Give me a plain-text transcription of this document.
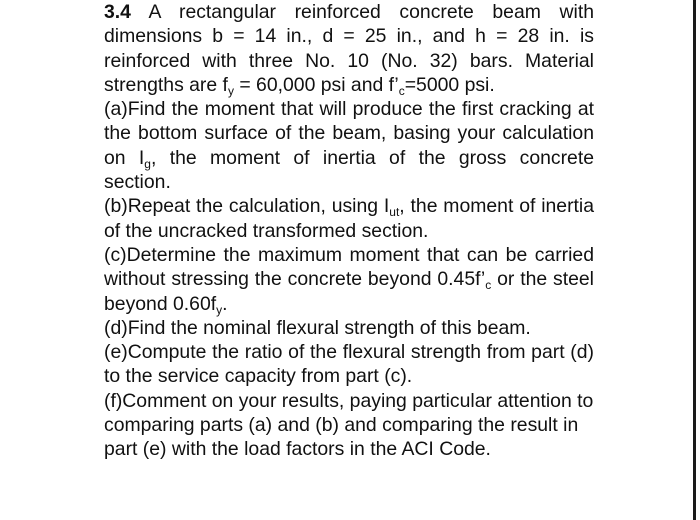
3.4 A rectangular reinforced concrete beam with dimensions b = 14 in., d = 25 in., and h = 28 in. is reinforced with three No. 10 (No. 32) bars. Material strengths are $f_y = 60,000$ psi and $f’_c=5000$ psi.

(a)Find the moment that will produce the first cracking at the bottom surface of the beam, basing your calculation on $I_g$, the moment of inertia of the gross concrete section.

(b)Repeat the calculation, using $I_{ut}$, the moment of inertia of the uncracked transformed section.

(c)Determine the maximum moment that can be carried without stressing the concrete beyond $0.45f’_c$ or the steel beyond $0.60f_y$.

(d)Find the nominal flexural strength of this beam.

(e)Compute the ratio of the flexural strength from part (d) to the service capacity from part (c).

(f)Comment on your results, paying particular attention to comparing parts (a) and (b) and comparing the result in part (e) with the load factors in the ACI Code.
